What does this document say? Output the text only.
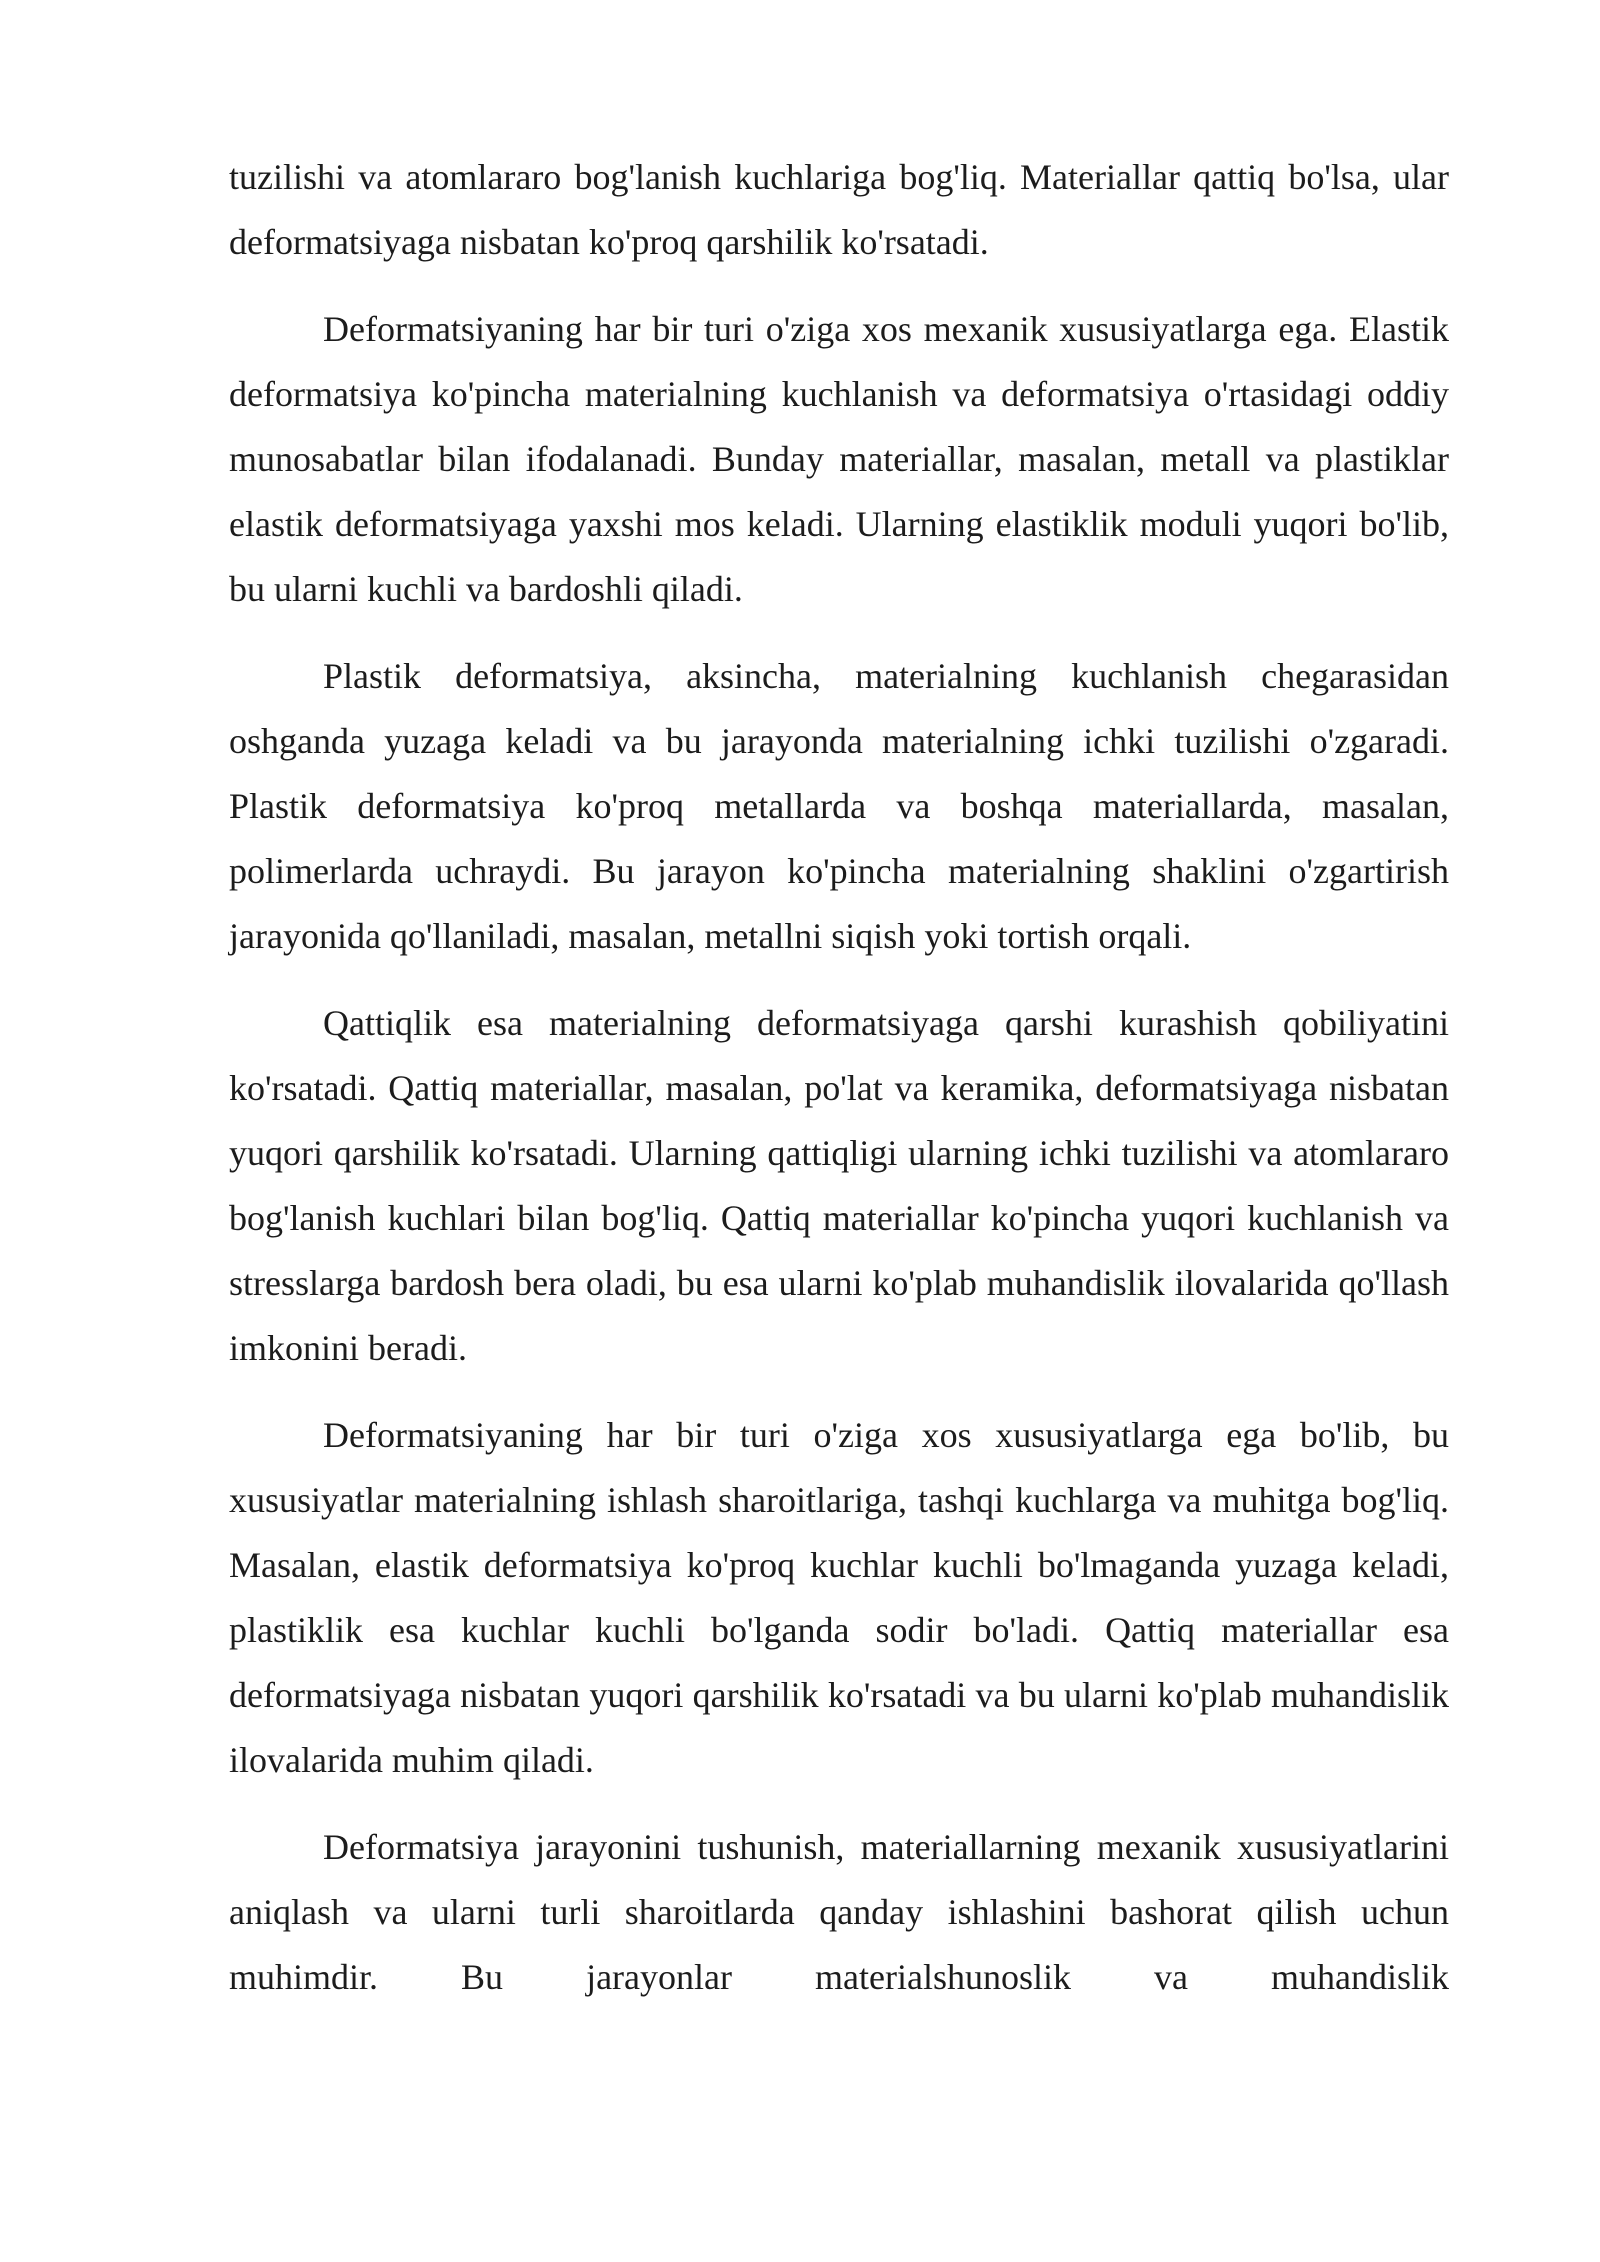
tuzilishi va atomlararo bog'lanish kuchlariga bog'liq. Materiallar qattiq bo'lsa, ular deformatsiyaga nisbatan ko'proq qarshilik ko'rsatadi.

Deformatsiyaning har bir turi o'ziga xos mexanik xususiyatlarga ega. Elastik deformatsiya ko'pincha materialning kuchlanish va deformatsiya o'rtasidagi oddiy munosabatlar bilan ifodalanadi. Bunday materiallar, masalan, metall va plastiklar elastik deformatsiyaga yaxshi mos keladi. Ularning elastiklik moduli yuqori bo'lib, bu ularni kuchli va bardoshli qiladi.

Plastik deformatsiya, aksincha, materialning kuchlanish chegarasidan oshganda yuzaga keladi va bu jarayonda materialning ichki tuzilishi o'zgaradi. Plastik deformatsiya ko'proq metallarda va boshqa materiallarda, masalan, polimerlarda uchraydi. Bu jarayon ko'pincha materialning shaklini o'zgartirish jarayonida qo'llaniladi, masalan, metallni siqish yoki tortish orqali.

Qattiqlik esa materialning deformatsiyaga qarshi kurashish qobiliyatini ko'rsatadi. Qattiq materiallar, masalan, po'lat va keramika, deformatsiyaga nisbatan yuqori qarshilik ko'rsatadi. Ularning qattiqligi ularning ichki tuzilishi va atomlararo bog'lanish kuchlari bilan bog'liq. Qattiq materiallar ko'pincha yuqori kuchlanish va stresslarga bardosh bera oladi, bu esa ularni ko'plab muhandislik ilovalarida qo'llash imkonini beradi.

Deformatsiyaning har bir turi o'ziga xos xususiyatlarga ega bo'lib, bu xususiyatlar materialning ishlash sharoitlariga, tashqi kuchlarga va muhitga bog'liq. Masalan, elastik deformatsiya ko'proq kuchlar kuchli bo'lmaganda yuzaga keladi, plastiklik esa kuchlar kuchli bo'lganda sodir bo'ladi. Qattiq materiallar esa deformatsiyaga nisbatan yuqori qarshilik ko'rsatadi va bu ularni ko'plab muhandislik ilovalarida muhim qiladi.

Deformatsiya jarayonini tushunish, materiallarning mexanik xususiyatlarini aniqlash va ularni turli sharoitlarda qanday ishlashini bashorat qilish uchun muhimdir. Bu jarayonlar materialshunoslik va muhandislik
